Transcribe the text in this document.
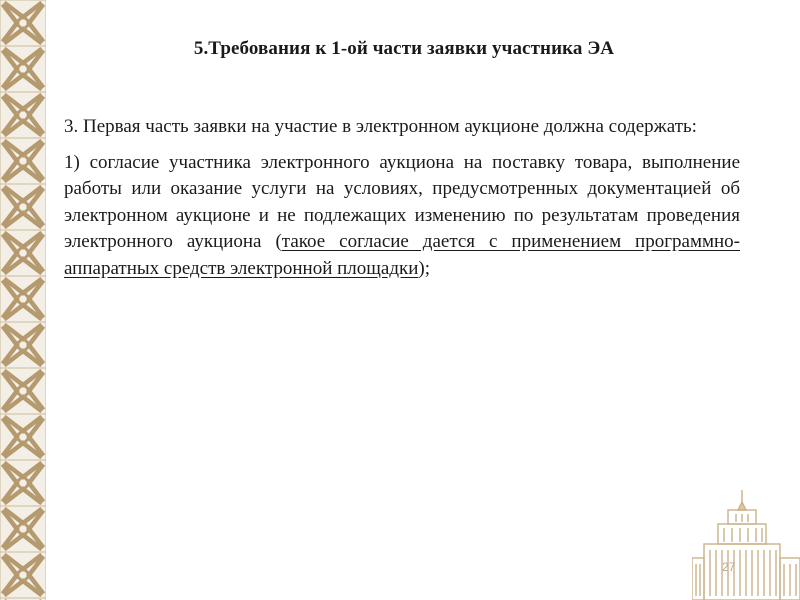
5.Требования к 1-ой части заявки участника ЭА

3. Первая часть заявки на участие в электронном аукционе должна содержать:

1) согласие участника электронного аукциона на поставку товара, выполнение работы или оказание услуги на условиях, предусмотренных документацией об электронном аукционе и не подлежащих изменению по результатам проведения электронного аукциона (такое согласие дается с применением программно-аппаратных средств электронной площадки);

27
